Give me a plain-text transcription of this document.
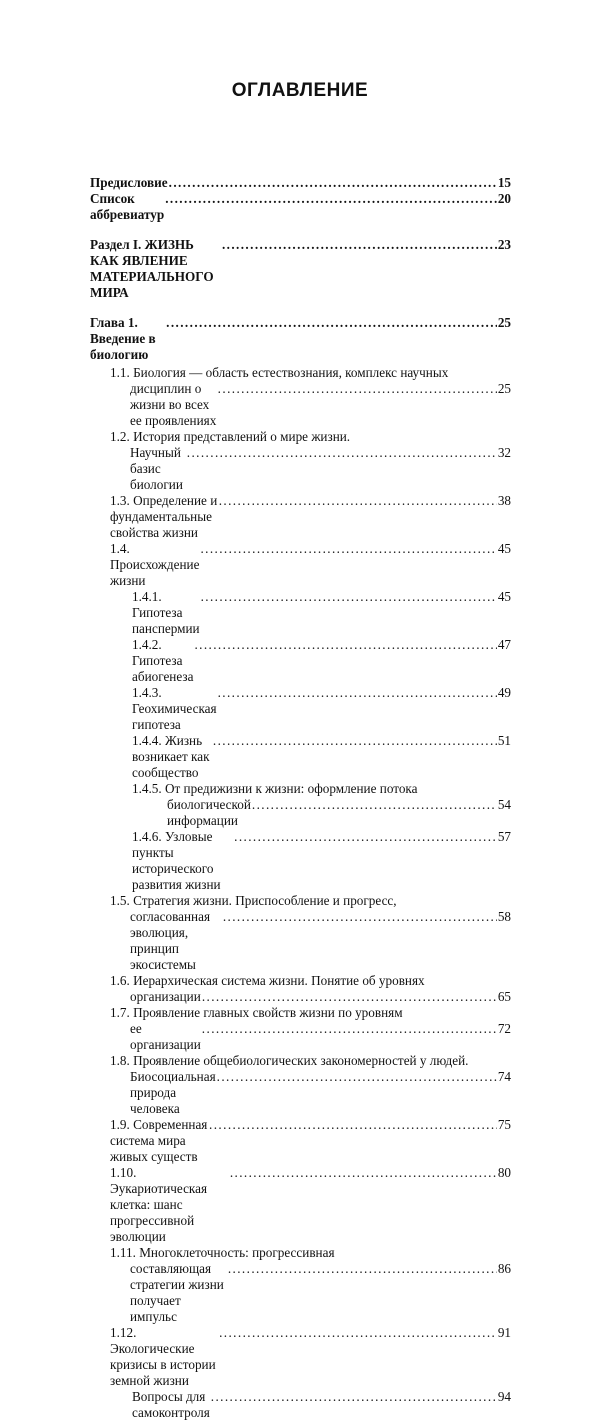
ОГЛАВЛЕНИЕ
Предисловие .....	15
Список аббревиатур
.....
20
Раздел I. ЖИЗНЬ КАК ЯВЛЕНИЕ МАТЕРИАЛЬНОГО МИРА
.....
23
Глава 1. Введение в биологию
.....
25
1.1. Биология — область естествознания, комплекс научных
дисциплин о жизни во всех ее проявлениях
.....
25
1.2. История представлений о мире жизни.
Научный базис биологии
.....
32
1.3. Определение и фундаментальные свойства жизни
.....
38
1.4. Происхождение жизни
.....
45
1.4.1. Гипотеза панспермии
.....
45
1.4.2. Гипотеза абиогенеза
.....
47
1.4.3. Геохимическая гипотеза
.....
49
1.4.4. Жизнь возникает как сообщество
.....
51
1.4.5. От предижизни к жизни: оформление потока
биологической информации
.....
54
1.4.6. Узловые пункты исторического развития жизни
.....
57
1.5. Стратегия жизни. Приспособление и прогресс,
согласованная эволюция, принцип экосистемы
.....
58
1.6. Иерархическая система жизни. Понятие об уровнях
организации .....	65
1.7. Проявление главных свойств жизни по уровням
ее организации
.....
72
1.8. Проявление общебиологических закономерностей у людей.
Биосоциальная природа человека
.....
74
1.9. Современная система мира живых существ
.....
75
1.10. Эукариотическая клетка: шанс прогрессивной эволюции
.....
80
1.11. Многоклеточность: прогрессивная
составляющая стратегии жизни получает импульс
.....
86
1.12. Экологические кризисы в истории земной жизни
.....
91
Вопросы для самоконтроля
.....
94
